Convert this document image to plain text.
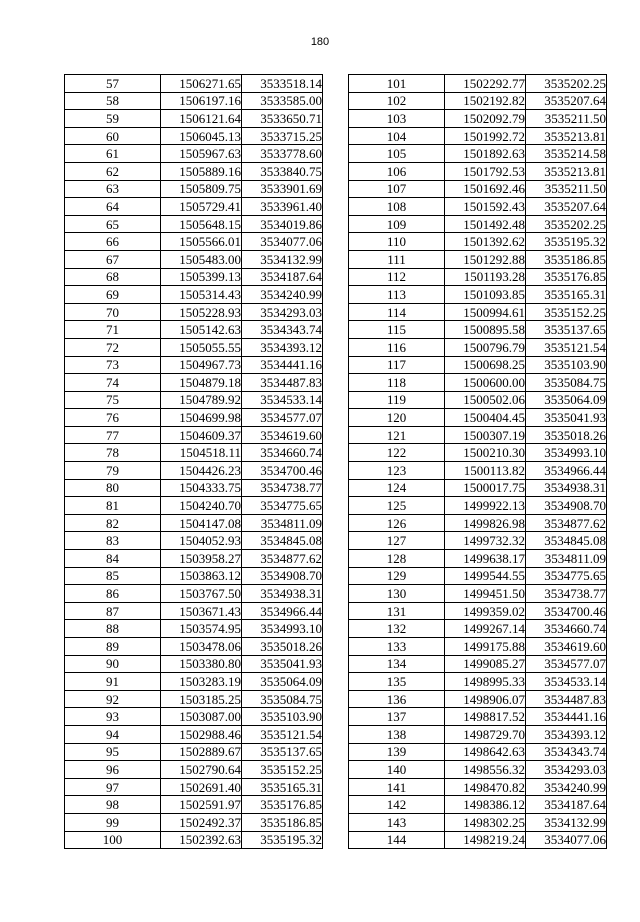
180
57	1506271.65	3533518.14
58	1506197.16	3533585.00
59	1506121.64	3533650.71
60	1506045.13	3533715.25
61	1505967.63	3533778.60
62	1505889.16	3533840.75
63	1505809.75	3533901.69
64	1505729.41	3533961.40
65	1505648.15	3534019.86
66	1505566.01	3534077.06
67	1505483.00	3534132.99
68	1505399.13	3534187.64
69	1505314.43	3534240.99
70	1505228.93	3534293.03
71	1505142.63	3534343.74
72	1505055.55	3534393.12
73	1504967.73	3534441.16
74	1504879.18	3534487.83
75	1504789.92	3534533.14
76	1504699.98	3534577.07
77	1504609.37	3534619.60
78	1504518.11	3534660.74
79	1504426.23	3534700.46
80	1504333.75	3534738.77
81	1504240.70	3534775.65
82	1504147.08	3534811.09
83	1504052.93	3534845.08
84	1503958.27	3534877.62
85	1503863.12	3534908.70
86	1503767.50	3534938.31
87	1503671.43	3534966.44
88	1503574.95	3534993.10
89	1503478.06	3535018.26
90	1503380.80	3535041.93
91	1503283.19	3535064.09
92	1503185.25	3535084.75
93	1503087.00	3535103.90
94	1502988.46	3535121.54
95	1502889.67	3535137.65
96	1502790.64	3535152.25
97	1502691.40	3535165.31
98	1502591.97	3535176.85
99	1502492.37	3535186.85
100	1502392.63	3535195.32
101	1502292.77	3535202.25
102	1502192.82	3535207.64
103	1502092.79	3535211.50
104	1501992.72	3535213.81
105	1501892.63	3535214.58
106	1501792.53	3535213.81
107	1501692.46	3535211.50
108	1501592.43	3535207.64
109	1501492.48	3535202.25
110	1501392.62	3535195.32
111	1501292.88	3535186.85
112	1501193.28	3535176.85
113	1501093.85	3535165.31
114	1500994.61	3535152.25
115	1500895.58	3535137.65
116	1500796.79	3535121.54
117	1500698.25	3535103.90
118	1500600.00	3535084.75
119	1500502.06	3535064.09
120	1500404.45	3535041.93
121	1500307.19	3535018.26
122	1500210.30	3534993.10
123	1500113.82	3534966.44
124	1500017.75	3534938.31
125	1499922.13	3534908.70
126	1499826.98	3534877.62
127	1499732.32	3534845.08
128	1499638.17	3534811.09
129	1499544.55	3534775.65
130	1499451.50	3534738.77
131	1499359.02	3534700.46
132	1499267.14	3534660.74
133	1499175.88	3534619.60
134	1499085.27	3534577.07
135	1498995.33	3534533.14
136	1498906.07	3534487.83
137	1498817.52	3534441.16
138	1498729.70	3534393.12
139	1498642.63	3534343.74
140	1498556.32	3534293.03
141	1498470.82	3534240.99
142	1498386.12	3534187.64
143	1498302.25	3534132.99
144	1498219.24	3534077.06
